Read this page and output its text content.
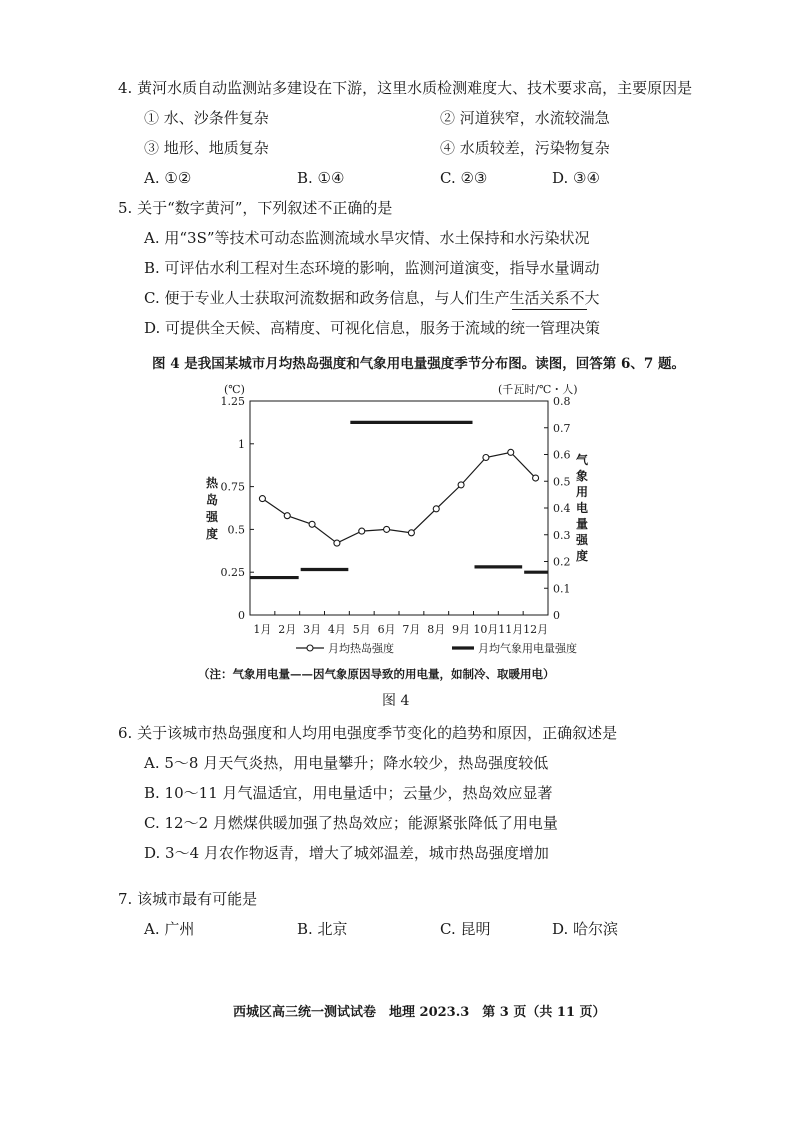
4. 黄河水质自动监测站多建设在下游，这里水质检测难度大、技术要求高，主要原因是
① 水、沙条件复杂	② 河道狭窄，水流较湍急
③ 地形、地质复杂	④ 水质较差，污染物复杂
A. ①②	B. ①④	C. ②③	D. ③④
5. 关于“数字黄河”，下列叙述不正确的是
A. 用“3S”等技术可动态监测流域水旱灾情、水土保持和水污染状况
B. 可评估水利工程对生态环境的影响，监测河道演变，指导水量调动
C. 便于专业人士获取河流数据和政务信息，与人们生产生活关系不大
D. 可提供全天候、高精度、可视化信息，服务于流域的统一管理决策
图 4 是我国某城市月均热岛强度和气象用电量强度季节分布图。读图，回答第 6、7 题。
0
0.25
0.5
0.75
1
1.25
0
0.1
0.2
0.3
0.4
0.5
0.6
0.7
0.8
1月 2月 3月 4月 5月 6月 7月 8月 9月 10月 11月 12月
(℃)	(千瓦时/℃・人)
热
岛
强
度
气
象
用
电
量
强
度
月均热岛强度	月均气象用电量强度
（注：气象用电量——因气象原因导致的用电量，如制冷、取暖用电）
图 4
6. 关于该城市热岛强度和人均用电强度季节变化的趋势和原因，正确叙述是
A. 5～8 月天气炎热，用电量攀升；降水较少，热岛强度较低
B. 10～11 月气温适宜，用电量适中；云量少，热岛效应显著
C. 12～2 月燃煤供暖加强了热岛效应；能源紧张降低了用电量
D. 3～4 月农作物返青，增大了城郊温差，城市热岛强度增加
7. 该城市最有可能是
A. 广州	B. 北京	C. 昆明	D. 哈尔滨
西城区高三统一测试试卷　地理 2023.3　第 3 页（共 11 页）
